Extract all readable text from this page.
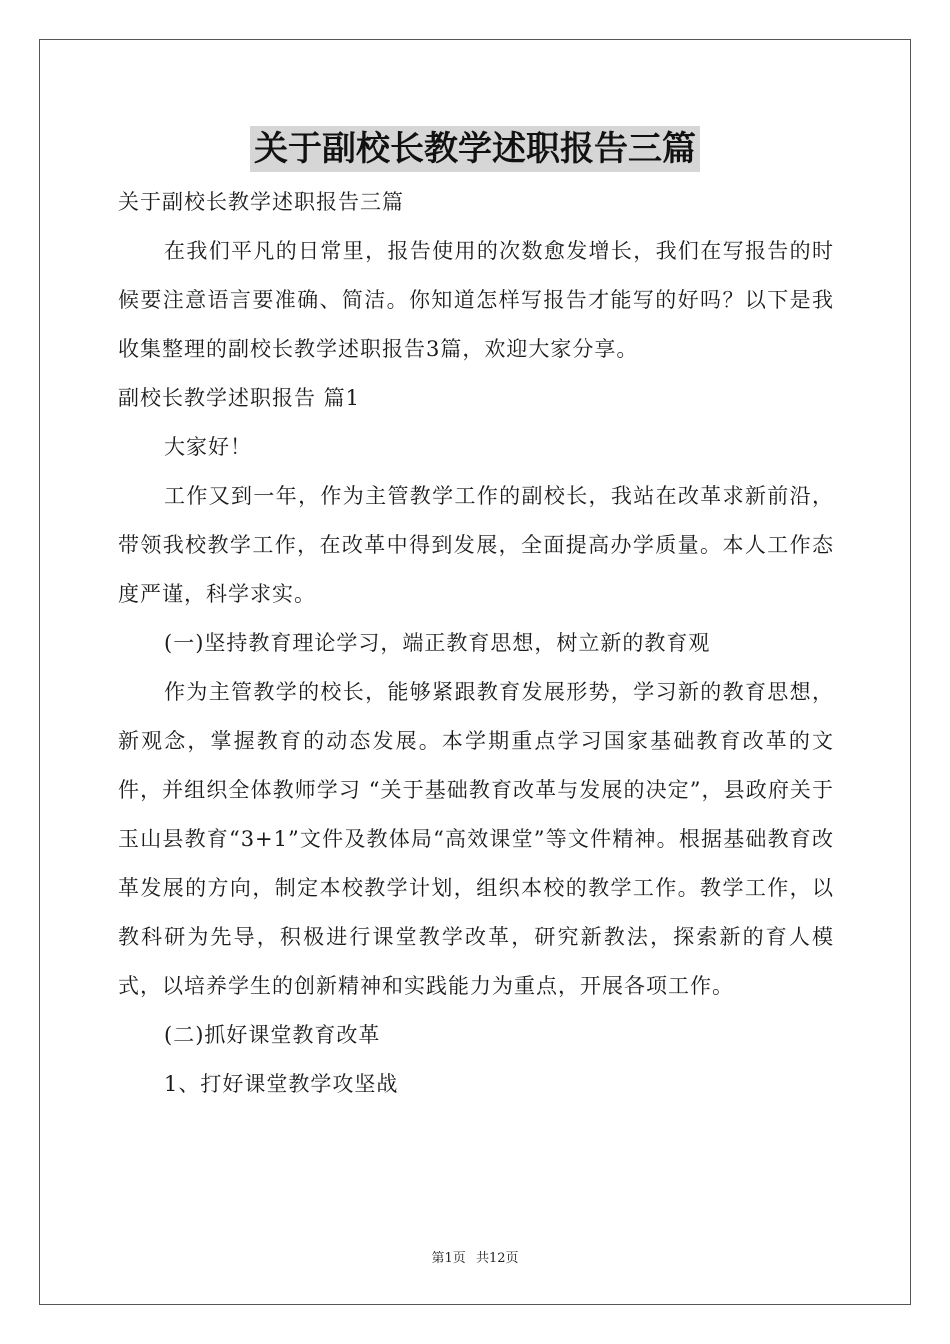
关于副校长教学述职报告三篇

关于副校长教学述职报告三篇

在我们平凡的日常里，报告使用的次数愈发增长，我们在写报告的时候要注意语言要准确、简洁。你知道怎样写报告才能写的好吗？以下是我收集整理的副校长教学述职报告3篇，欢迎大家分享。

副校长教学述职报告 篇1

大家好！

工作又到一年，作为主管教学工作的副校长，我站在改革求新前沿，带领我校教学工作，在改革中得到发展，全面提高办学质量。本人工作态度严谨，科学求实。

(一)坚持教育理论学习，端正教育思想，树立新的教育观

作为主管教学的校长，能够紧跟教育发展形势，学习新的教育思想，新观念，掌握教育的动态发展。本学期重点学习国家基础教育改革的文件，并组织全体教师学习 “关于基础教育改革与发展的决定”，县政府关于玉山县教育“3+1”文件及教体局“高效课堂”等文件精神。根据基础教育改革发展的方向，制定本校教学计划，组织本校的教学工作。教学工作，以教科研为先导，积极进行课堂教学改革，研究新教法，探索新的育人模式，以培养学生的创新精神和实践能力为重点，开展各项工作。

(二)抓好课堂教育改革

1、打好课堂教学攻坚战

第1页 共12页
